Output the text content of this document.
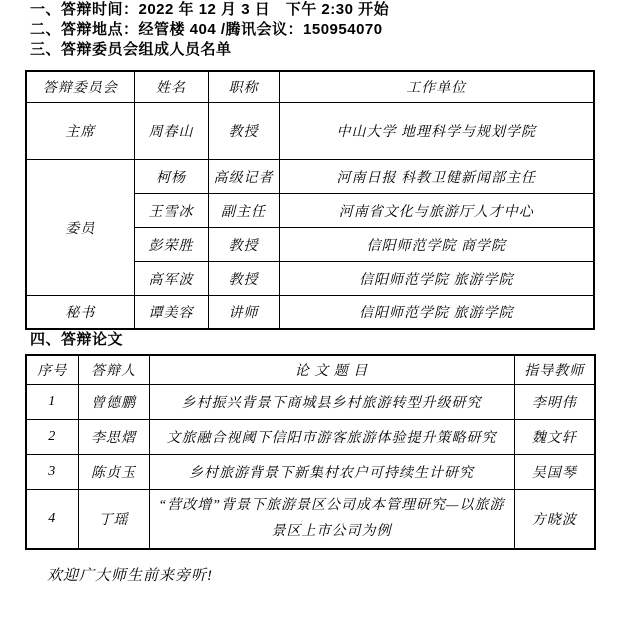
一、答辩时间：2022 年 12 月 3 日　下午 2:30 开始

二、答辩地点：经管楼 404 /腾讯会议：150954070

三、答辩委员会组成人员名单

答辩委员会	姓名	职称	工作单位
主席	周春山	教授	中山大学 地理科学与规划学院
委员	柯杨	高级记者	河南日报 科教卫健新闻部主任
	王雪冰	副主任	河南省文化与旅游厅人才中心
	彭荣胜	教授	信阳师范学院 商学院
	高军波	教授	信阳师范学院 旅游学院
秘书	谭美容	讲师	信阳师范学院 旅游学院

四、答辩论文

序号	答辩人	论 文 题 目	指导教师
1	曾德鹏	乡村振兴背景下商城县乡村旅游转型升级研究	李明伟
2	李思熠	文旅融合视阈下信阳市游客旅游体验提升策略研究	魏文轩
3	陈贞玉	乡村旅游背景下新集村农户可持续生计研究	吴国琴
4	丁瑶	“营改增”背景下旅游景区公司成本管理研究—以旅游景区上市公司为例	方晓波

欢迎广大师生前来旁听!
